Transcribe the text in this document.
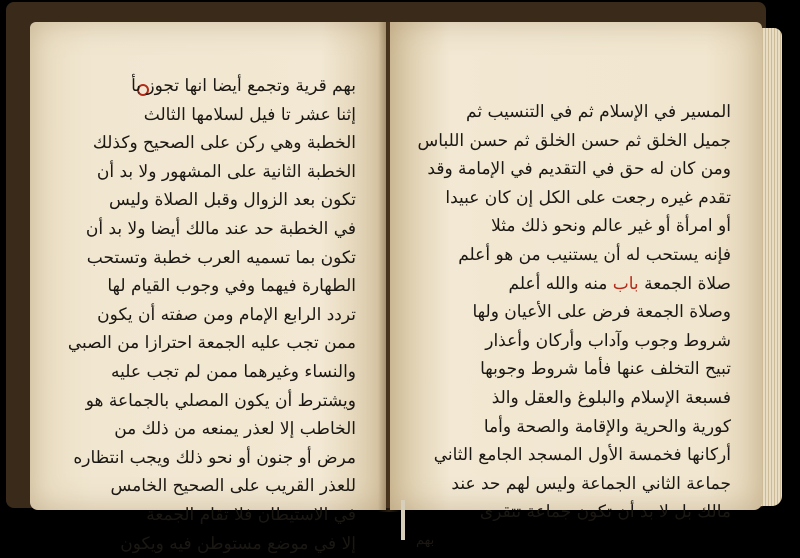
بهم قرية وتجمع أيضا انها تجوز بأ
إثنا عشر تا فيل لسلامها الثالث
الخطبة وهي ركن على الصحيح وكذلك
الخطبة الثانية على المشهور ولا بد أن
تكون بعد الزوال وقبل الصلاة وليس
في الخطبة حد عند مالك أيضا ولا بد أن
تكون بما تسميه العرب خطبة وتستحب
الطهارة فيهما وفي وجوب القيام لها
تردد الرابع الإمام ومن صفته أن يكون
ممن تجب عليه الجمعة احترازا من الصبي
والنساء وغيرهما ممن لم تجب عليه
ويشترط أن يكون المصلي بالجماعة هو
الخاطب إلا لعذر يمنعه من ذلك من
مرض أو جنون أو نحو ذلك ويجب انتظاره
للعذر القريب على الصحيح الخامس
في الاستيطان فلا تقام الجمعة
إلا في موضع مستوطن فيه ويكون
المسير في الإسلام ثم في التنسيب ثم
جميل الخلق ثم حسن الخلق ثم حسن اللباس
ومن كان له حق في التقديم في الإمامة وقد
تقدم غيره رجعت على الكل إن كان عبيدا
أو امرأة أو غير عالم ونحو ذلك مثلا
فإنه يستحب له أن يستنيب من هو أعلم
صلاة الجمعة باب منه والله أعلم
وصلاة الجمعة فرض على الأعيان ولها
شروط وجوب وآداب وأركان وأعذار
تبيح التخلف عنها فأما شروط وجوبها
فسبعة الإسلام والبلوغ والعقل والذ
كورية والحرية والإقامة والصحة وأما
أركانها فخمسة الأول المسجد الجامع الثاني
جماعة الثاني الجماعة وليس لهم حد عند
مالك بل لا بد أن تكون جماعة تتقرى
بهم
